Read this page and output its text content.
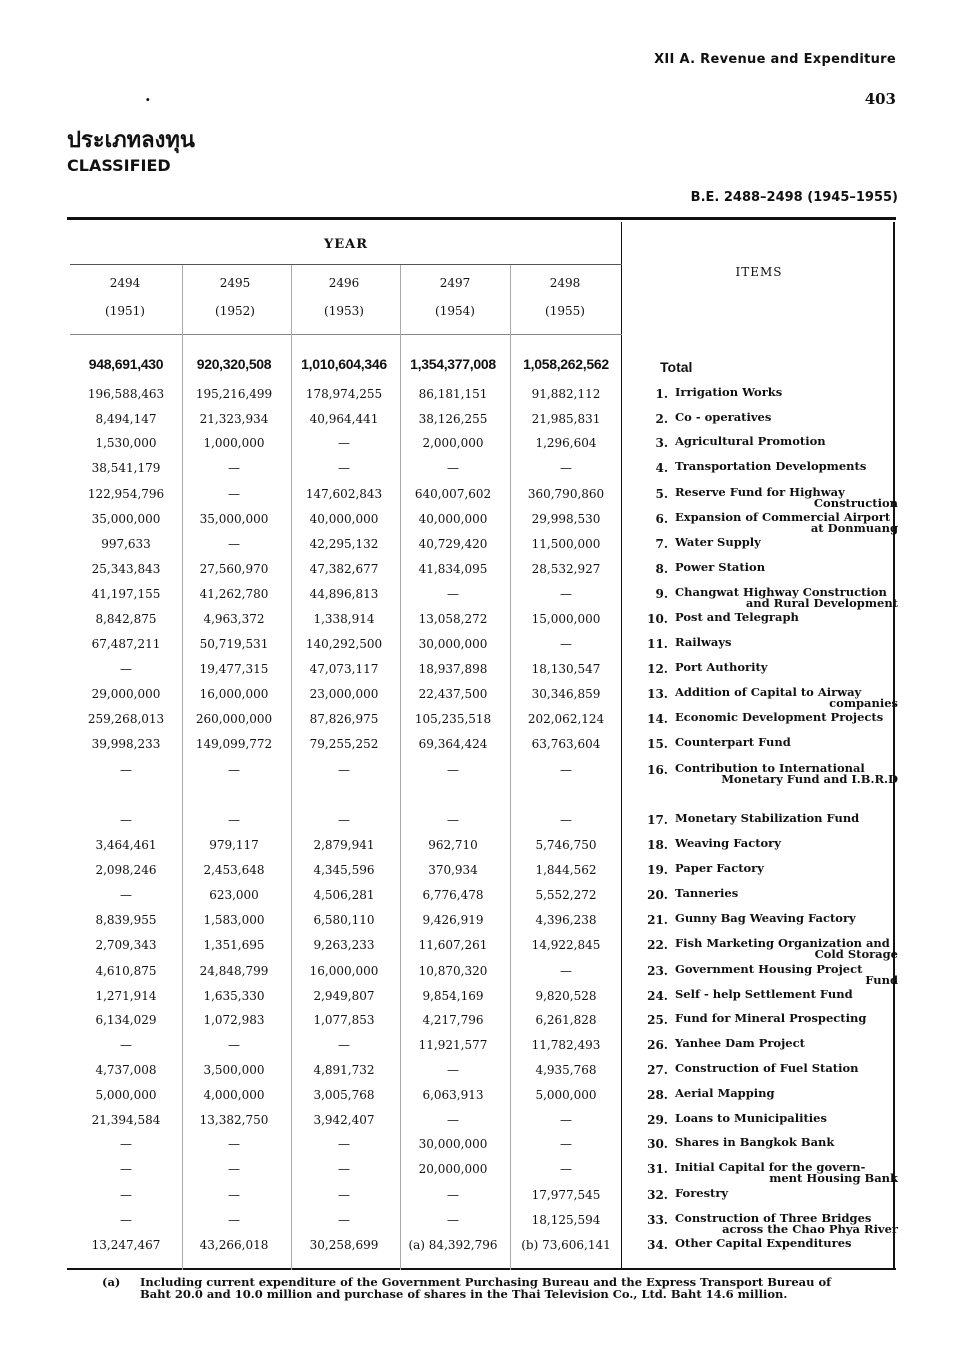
XII A. Revenue and Expenditure
403
.
ประเภทลงทุน
CLASSIFIED
B.E. 2488–2498 (1945–1955)
YEAR
ITEMS
2494
(1951)
2495
(1952)
2496
(1953)
2497
(1954)
2498
(1955)
948,691,430	920,320,508	1,010,604,346	1,354,377,008	1,058,262,562	Total
196,588,463	195,216,499	178,974,255	86,181,151	91,882,112	1. Irrigation Works
8,494,147	21,323,934	40,964,441	38,126,255	21,985,831	2. Co - operatives
1,530,000	1,000,000	—	2,000,000	1,296,604	3. Agricultural Promotion
38,541,179	—	—	—	—	4. Transportation Developments
122,954,796	—	147,602,843	640,007,602	360,790,860	5. Reserve Fund for Highway
Construction
35,000,000	35,000,000	40,000,000	40,000,000	29,998,530	6. Expansion of Commercial Airport
at Donmuang
997,633	—	42,295,132	40,729,420	11,500,000	7. Water Supply
25,343,843	27,560,970	47,382,677	41,834,095	28,532,927	8. Power Station
41,197,155	41,262,780	44,896,813	—	—	9. Changwat Highway Construction
and Rural Development
8,842,875	4,963,372	1,338,914	13,058,272	15,000,000	10. Post and Telegraph
67,487,211	50,719,531	140,292,500	30,000,000	—	11. Railways
—	19,477,315	47,073,117	18,937,898	18,130,547	12. Port Authority
29,000,000	16,000,000	23,000,000	22,437,500	30,346,859	13. Addition of Capital to Airway
companies
259,268,013	260,000,000	87,826,975	105,235,518	202,062,124	14. Economic Development Projects
39,998,233	149,099,772	79,255,252	69,364,424	63,763,604	15. Counterpart Fund
—	—	—	—	—	16. Contribution to International
Monetary Fund and I.B.R.D
—	—	—	—	—	17. Monetary Stabilization Fund
3,464,461	979,117	2,879,941	962,710	5,746,750	18. Weaving Factory
2,098,246	2,453,648	4,345,596	370,934	1,844,562	19. Paper Factory
—	623,000	4,506,281	6,776,478	5,552,272	20. Tanneries
8,839,955	1,583,000	6,580,110	9,426,919	4,396,238	21. Gunny Bag Weaving Factory
2,709,343	1,351,695	9,263,233	11,607,261	14,922,845	22. Fish Marketing Organization and
Cold Storage
4,610,875	24,848,799	16,000,000	10,870,320	—	23. Government Housing Project
Fund
1,271,914	1,635,330	2,949,807	9,854,169	9,820,528	24. Self - help Settlement Fund
6,134,029	1,072,983	1,077,853	4,217,796	6,261,828	25. Fund for Mineral Prospecting
—	—	—	11,921,577	11,782,493	26. Yanhee Dam Project
4,737,008	3,500,000	4,891,732	—	4,935,768	27. Construction of Fuel Station
5,000,000	4,000,000	3,005,768	6,063,913	5,000,000	28. Aerial Mapping
21,394,584	13,382,750	3,942,407	—	—	29. Loans to Municipalities
—	—	—	30,000,000	—	30. Shares in Bangkok Bank
—	—	—	20,000,000	—	31. Initial Capital for the govern-
ment Housing Bank
—	—	—	—	17,977,545	32. Forestry
—	—	—	—	18,125,594	33. Construction of Three Bridges
across the Chao Phya River
13,247,467	43,266,018	30,258,699	(a) 84,392,796	(b) 73,606,141	34. Other Capital Expenditures
(a) Including current expenditure of the Government Purchasing Bureau and the Express Transport Bureau of
Baht 20.0 and 10.0 million and purchase of shares in the Thai Television Co., Ltd. Baht 14.6 million.
